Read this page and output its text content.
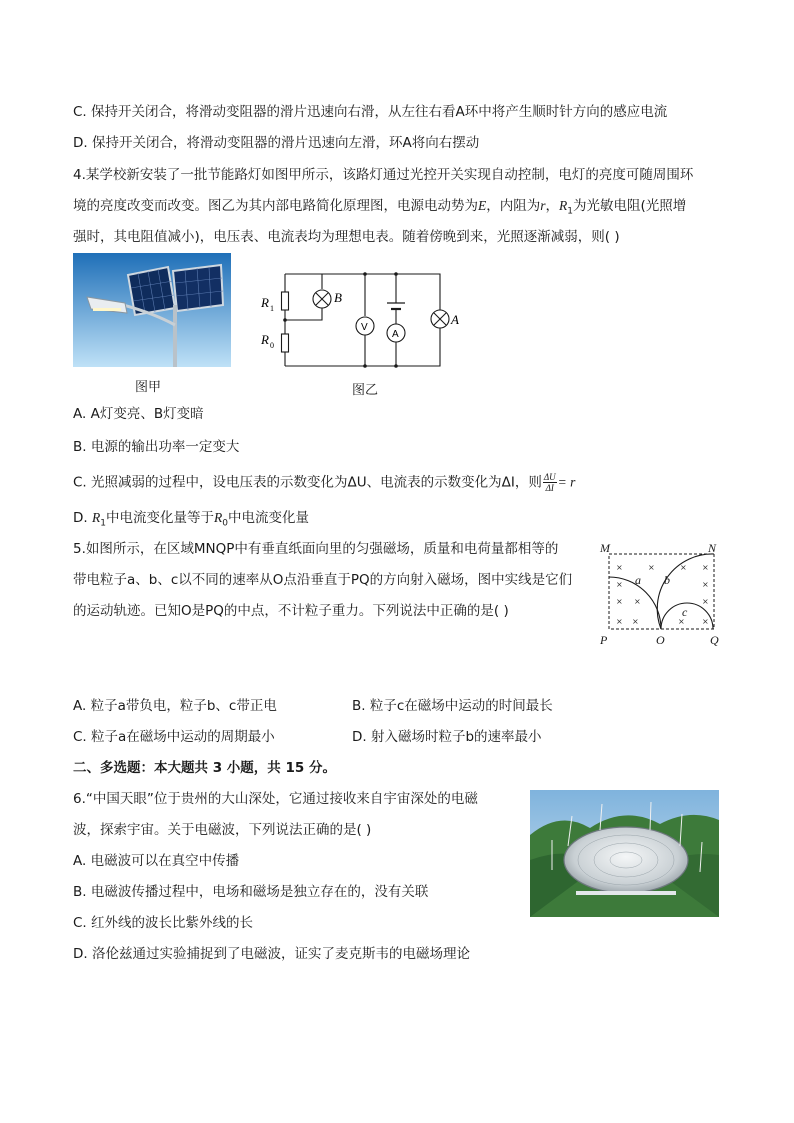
C. 保持开关闭合，将滑动变阻器的滑片迅速向右滑，从左往右看A环中将产生顺时针方向的感应电流
D. 保持开关闭合，将滑动变阻器的滑片迅速向左滑，环A将向右摆动
4.某学校新安装了一批节能路灯如图甲所示，该路灯通过光控开关实现自动控制，电灯的亮度可随周围环
境的亮度改变而改变。图乙为其内部电路简化原理图，电源电动势为E，内阻为r，$R_1$为光敏电阻(光照增
强时，其电阻值减小)，电压表、电流表均为理想电表。随着傍晚到来，光照逐渐减弱，则( )
图甲
R 1
R 0
B
A
V
A
图乙
A. A灯变亮、B灯变暗
B. 电源的输出功率一定变大
C. 光照减弱的过程中，设电压表的示数变化为ΔU、电流表的示数变化为ΔI，则 $\frac{\Delta U}{\Delta I} = r$
D. $R_1$中电流变化量等于$R_0$中电流变化量
5.如图所示，在区域MNQP中有垂直纸面向里的匀强磁场，质量和电荷量都相等的
带电粒子a、b、c以不同的速率从O点沿垂直于PQ的方向射入磁场，图中实线是它们
的运动轨迹。已知O是PQ的中点，不计粒子重力。下列说法中正确的是( )
×	×	× ×
×	×
× ×	×
× ×	× ×
M	N
P	O	Q
a b
c
A. 粒子a带负电，粒子b、c带正电	B. 粒子c在磁场中运动的时间最长
C. 粒子a在磁场中运动的周期最小	D. 射入磁场时粒子b的速率最小
二、多选题：本大题共 3 小题，共 15 分。
6.“中国天眼”位于贵州的大山深处，它通过接收来自宇宙深处的电磁
波，探索宇宙。关于电磁波，下列说法正确的是( )
A. 电磁波可以在真空中传播
B. 电磁波传播过程中，电场和磁场是独立存在的，没有关联
C. 红外线的波长比紫外线的长
D. 洛伦兹通过实验捕捉到了电磁波，证实了麦克斯韦的电磁场理论
